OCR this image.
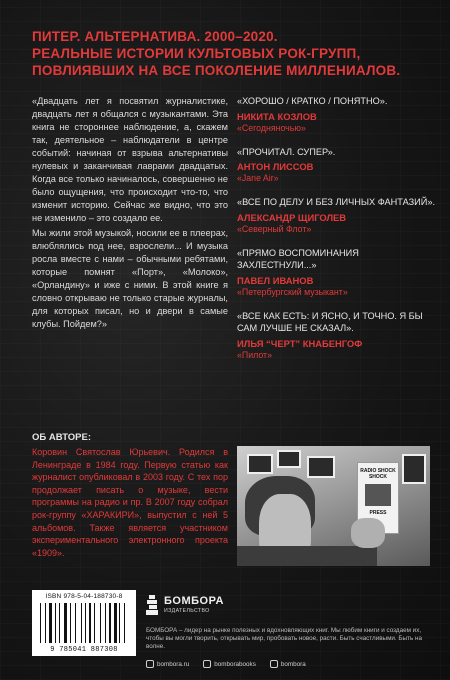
ПИТЕР. АЛЬТЕРНАТИВА. 2000–2020.
РЕАЛЬНЫЕ ИСТОРИИ КУЛЬТОВЫХ РОК-ГРУПП,
ПОВЛИЯВШИХ НА ВСЕ ПОКОЛЕНИЕ МИЛЛЕНИАЛОВ.

«Двадцать лет я посвятил журналистике, двадцать лет я общался с музыкантами. Эта книга не стороннее наблюдение, а, скажем так, деятельное – наблюдатели в центре событий: начиная от взрыва альтернативы нулевых и заканчивая лаврами двадцатых. Когда все только начиналось, совершенно не было ощущения, что происходит что-то, что изменит историю. Сейчас же видно, что это не изменило – это создало ее.

Мы жили этой музыкой, носили ее в плеерах, влюблялись под нее, взрослели... И музыка росла вместе с нами – обычными ребятами, которые помнят «Порт», «Молоко», «Орландину» и иже с ними. В этой книге я словно открываю не только старые журналы, для которых писал, но и двери в самые клубы. Пойдем?»

«ХОРОШО / КРАТКО / ПОНЯТНО».
НИКИТА КОЗЛОВ
«Сегодняночью»
«ПРОЧИТАЛ. СУПЕР».
АНТОН ЛИССОВ
«Jane Air»
«ВСЕ ПО ДЕЛУ И БЕЗ ЛИЧНЫХ ФАНТАЗИЙ».
АЛЕКСАНДР ЩИГОЛЕВ
«Северный Флот»
«ПРЯМО ВОСПОМИНАНИЯ ЗАХЛЕСТНУЛИ...»
ПАВЕЛ ИВАНОВ
«Петербургский музыкант»
«ВСЕ КАК ЕСТЬ: И ЯСНО, И ТОЧНО. Я БЫ САМ ЛУЧШЕ НЕ СКАЗАЛ».
ИЛЬЯ “ЧЕРТ” КНАБЕНГОФ
«Пилот»
ОБ АВТОРЕ:
Коровин Святослав Юрьевич. Родился в Ленинграде в 1984 году. Первую статью как журналист опубликовал в 2003 году. С тех пор продолжает писать о музыке, вести программы на радио и пр. В 2007 году собрал рок-группу «ХАРАКИРИ», выпустил с ней 5 альбомов. Также является участником экспериментального электронного проекта «1909».
RADIO SHOCK
SHOCK
PRESS
ISBN 978-5-04-188730-8
9 785041 887308
БОМБОРА
ИЗДАТЕЛЬСТВО
БОМБОРА – лидер на рынке полезных и вдохновляющих книг. Мы любим книги и создаем их, чтобы вы могли творить, открывать мир, пробовать новое, расти. Быть счастливыми. Быть на волне.
bombora.ru	bomborabooks	bombora
